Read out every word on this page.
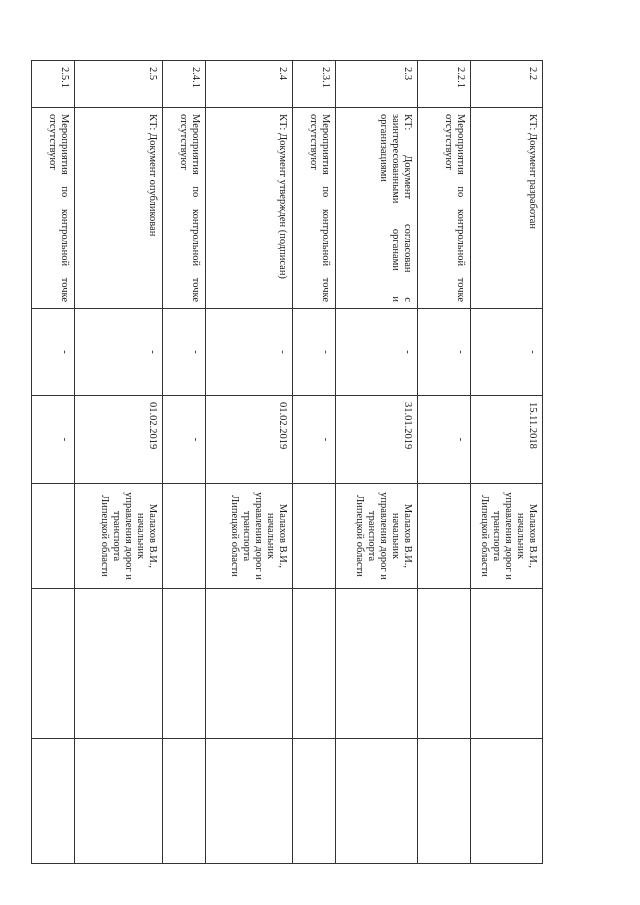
2.2	КТ: Документ разработан	-	15.11.2018	Малахов В.И., начальник управления дорог и транспорта Липецкой области		
2.2.1	Мероприятия по контрольной точке отсутствуют	-	-			
2.3	КТ: Документ согласован с заинтересованными органами и организациями	-	31.01.2019	Малахов В.И., начальник управления дорог и транспорта Липецкой области		
2.3.1	Мероприятия по контрольной точке отсутствуют	-	-			
2.4	КТ: Документ утвержден (подписан)	-	01.02.2019	Малахов В.И., начальник управления дорог и транспорта Липецкой области		
2.4.1	Мероприятия по контрольной точке отсутствуют	-	-			
2.5	КТ: Документ опубликован	-	01.02.2019	Малахов В.И., начальник управления дорог и транспорта Липецкой области		
2.5.1	Мероприятия по контрольной точке отсутствуют	-	-			
